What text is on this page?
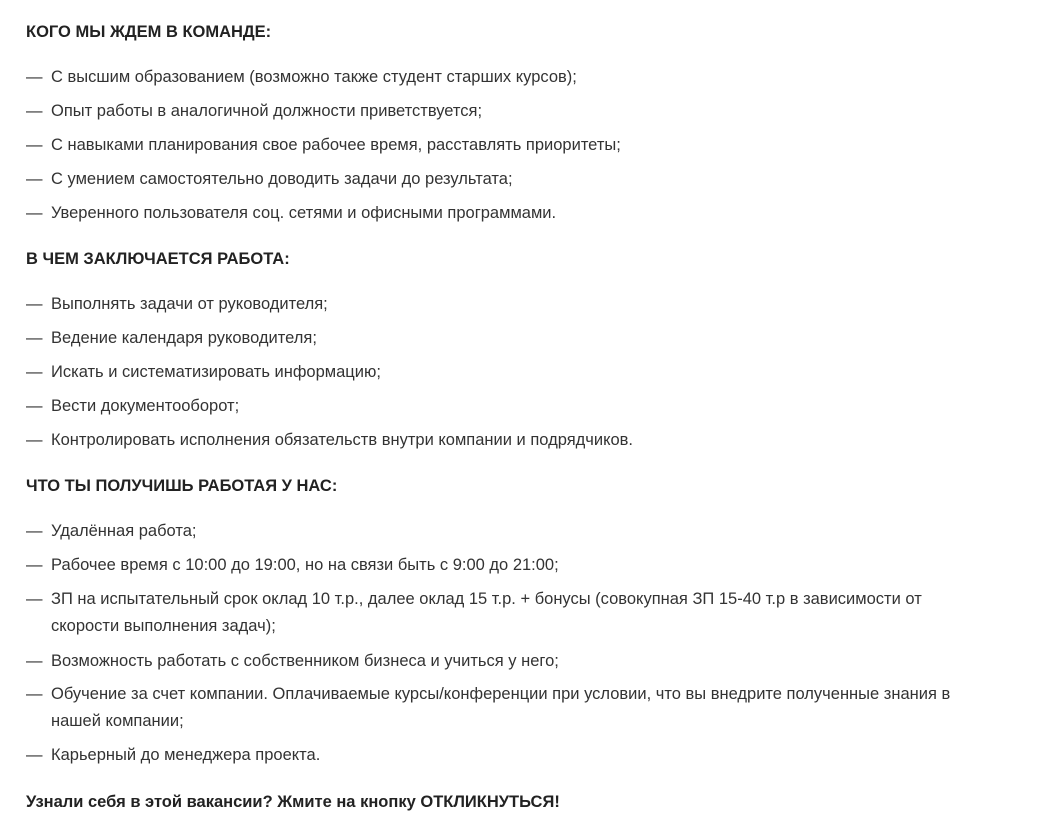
КОГО МЫ ЖДЕМ В КОМАНДЕ:
— С высшим образованием (возможно также студент старших курсов);
— Опыт работы в аналогичной должности приветствуется;
— С навыками планирования свое рабочее время, расставлять приоритеты;
— С умением самостоятельно доводить задачи до результата;
— Уверенного пользователя соц. сетями и офисными программами.
В ЧЕМ ЗАКЛЮЧАЕТСЯ РАБОТА:
— Выполнять задачи от руководителя;
— Ведение календаря руководителя;
— Искать и систематизировать информацию;
— Вести документооборот;
— Контролировать исполнения обязательств внутри компании и подрядчиков.
ЧТО ТЫ ПОЛУЧИШЬ РАБОТАЯ У НАС:
— Удалённая работа;
— Рабочее время с 10:00 до 19:00, но на связи быть с 9:00 до 21:00;
— ЗП на испытательный срок оклад 10 т.р., далее оклад 15 т.р. + бонусы (совокупная ЗП 15-40 т.р в зависимости от скорости выполнения задач);
— Возможность работать с собственником бизнеса и учиться у него;
— Обучение за счет компании. Оплачиваемые курсы/конференции при условии, что вы внедрите полученные знания в нашей компании;
— Карьерный до менеджера проекта.

Узнали себя в этой вакансии? Жмите на кнопку ОТКЛИКНУТЬСЯ!
